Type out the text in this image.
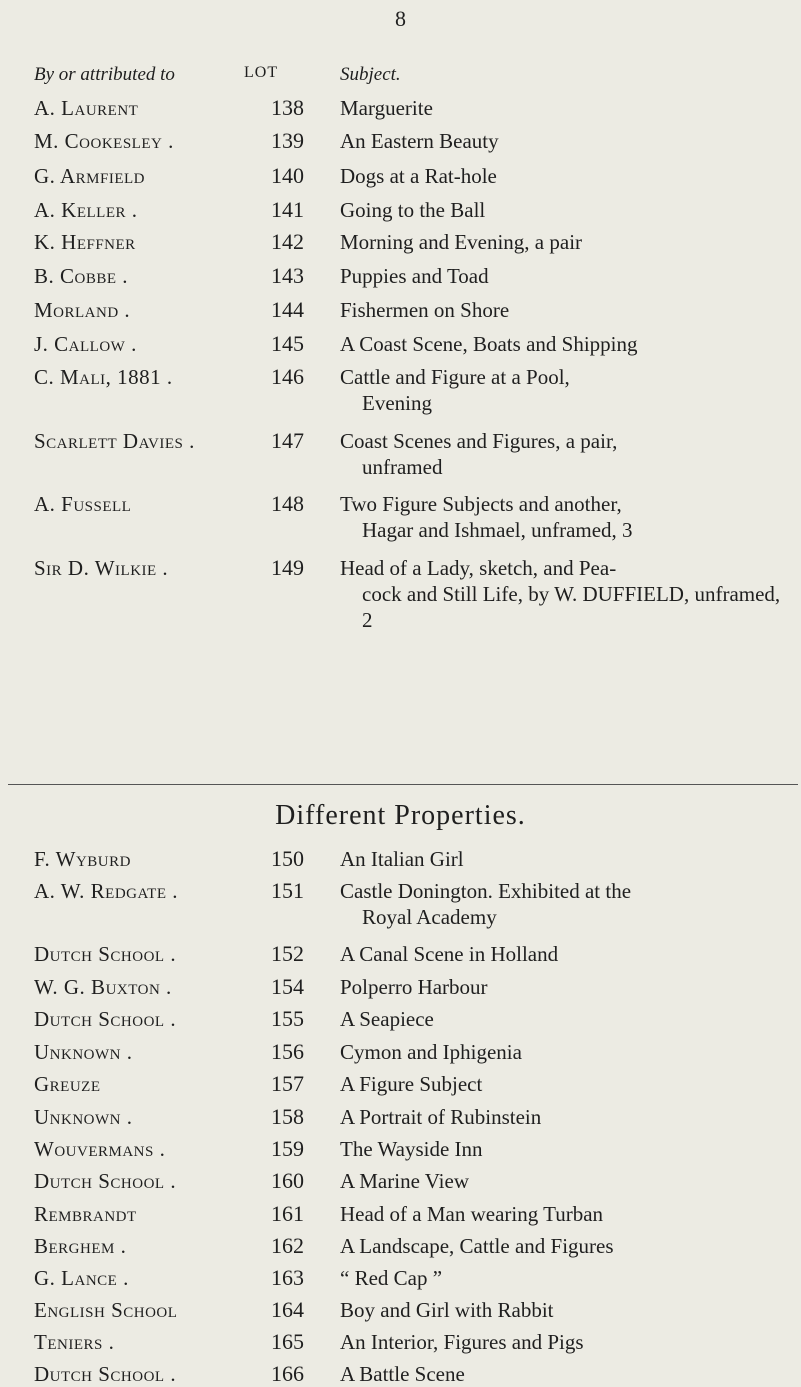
8
By or attributed to	LOT	Subject.
A. Laurent	138 Marguerite
M. Cookesley .	139 An Eastern Beauty
G. Armfield	140 Dogs at a Rat-hole
A. Keller .	141 Going to the Ball
K. Heffner	142 Morning and Evening, a pair
B. Cobbe .	143 Puppies and Toad
Morland .	144 Fishermen on Shore
J. Callow .	145 A Coast Scene, Boats and Shipping
C. Mali, 1881 .	146 Cattle and Figure at a Pool,
Evening
Scarlett Davies .	147 Coast Scenes and Figures, a pair,
unframed
A. Fussell	148 Two Figure Subjects and another,
Hagar and Ishmael, unframed, 3
Sir D. Wilkie .	149 Head of a Lady, sketch, and Pea-
cock and Still Life, by W. DUFFIELD, unframed, 2
Different Properties.
F. Wyburd	150 An Italian Girl
A. W. Redgate .	151 Castle Donington. Exhibited at the
Royal Academy
Dutch School .	152 A Canal Scene in Holland
W. G. Buxton .	154 Polperro Harbour
Dutch School .	155 A Seapiece
Unknown .	156 Cymon and Iphigenia
Greuze	157 A Figure Subject
Unknown .	158 A Portrait of Rubinstein
Wouvermans .	159 The Wayside Inn
Dutch School .	160 A Marine View
Rembrandt	161 Head of a Man wearing Turban
Berghem .	162 A Landscape, Cattle and Figures
G. Lance .	163 “ Red Cap ”
English School	164 Boy and Girl with Rabbit
Teniers .	165 An Interior, Figures and Pigs
Dutch School .	166 A Battle Scene
